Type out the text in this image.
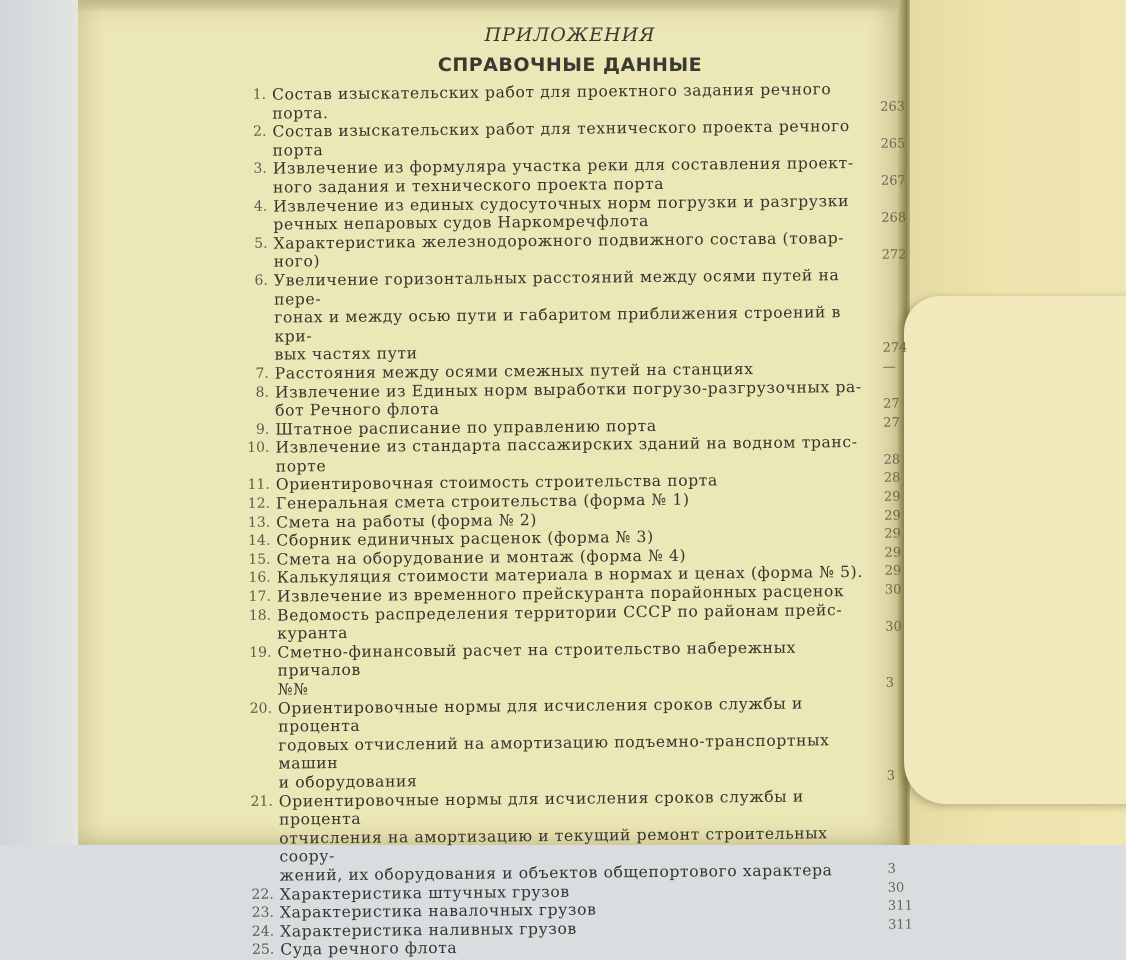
ПРИЛОЖЕНИЯ
СПРАВОЧНЫЕ ДАННЫЕ
1. Состав изыскательских работ для проектного задания речного порта.	263
2. Состав изыскательских работ для технического проекта речного
порта	265
3. Извлечение из формуляра участка реки для составления проект-
ного задания и технического проекта порта	267
4. Извлечение из единых судосуточных норм погрузки и разгрузки
речных непаровых судов Наркомречфлота	268
5. Характеристика железнодорожного подвижного состава (товар-
ного)	272
6. Увеличение горизонтальных расстояний между осями путей на пере-
гонах и между осью пути и габаритом приближения строений в кри-
вых частях пути	274
7. Расстояния между осями смежных путей на станциях	—
8. Извлечение из Единых норм выработки погрузо-разгрузочных ра-
бот Речного флота	27
9. Штатное расписание по управлению порта	27
10. Извлечение из стандарта пассажирских зданий на водном транс-
порте	28
11. Ориентировочная стоимость строительства порта	28
12. Генеральная смета строительства (форма № 1)	29
13. Смета на работы (форма № 2)	29
14. Сборник единичных расценок (форма № 3)	29
15. Смета на оборудование и монтаж (форма № 4)	29
16. Калькуляция стоимости материала в нормах и ценах (форма № 5).	29
17. Извлечение из временного прейскуранта порайонных расценок	30
18. Ведомость распределения территории СССР по районам прейс-
куранта	30
19. Сметно-финансовый расчет на строительство набережных причалов
№№	3
20. Ориентировочные нормы для исчисления сроков службы и процента
годовых отчислений на амортизацию подъемно-транспортных машин
и оборудования	3
21. Ориентировочные нормы для исчисления сроков службы и процента
отчисления на амортизацию и текущий ремонт строительных соору-
жений, их оборудования и объектов общепортового характера	3
22. Характеристика штучных грузов	30
23. Характеристика навалочных грузов	311
24. Характеристика наливных грузов	311
25. Суда речного флота
